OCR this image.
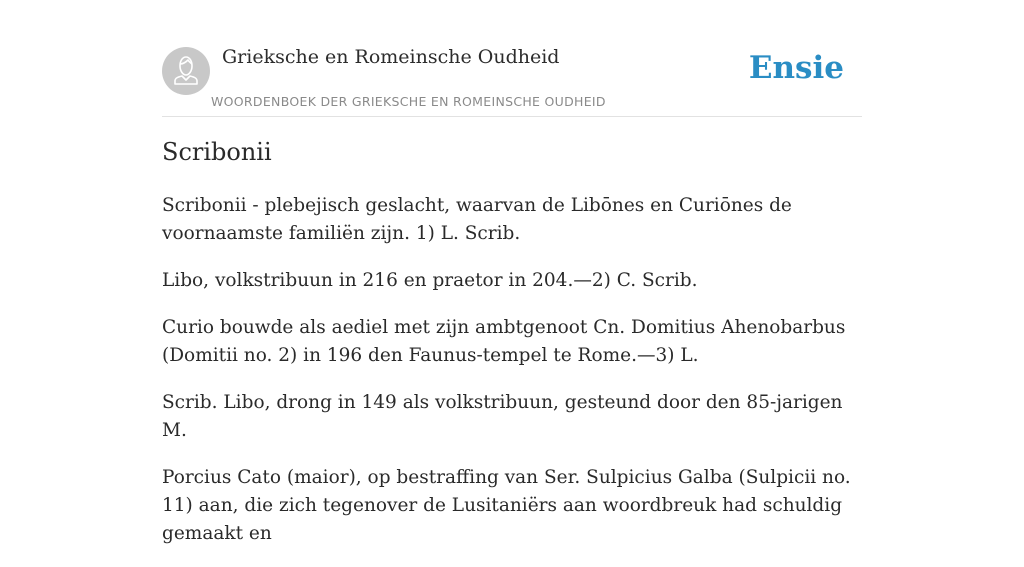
Grieksche en Romeinsche Oudheid
WOORDENBOEK DER GRIEKSCHE EN ROMEINSCHE OUDHEID
Ensie
Scribonii

Scribonii - plebejisch geslacht, waarvan de Libōnes en Curiōnes de voornaamste familiën zijn. 1) L. Scrib.

Libo, volkstribuun in 216 en praetor in 204.—2) C. Scrib.

Curio bouwde als aediel met zijn ambtgenoot Cn. Domitius Ahenobarbus (Domitii no. 2) in 196 den Faunus-tempel te Rome.—3) L.

Scrib. Libo, drong in 149 als volkstribuun, gesteund door den 85-jarigen M.

Porcius Cato (maior), op bestraffing van Ser. Sulpicius Galba (Sulpicii no. 11) aan, die zich tegenover de Lusitaniërs aan woordbreuk had schuldig gemaakt en
